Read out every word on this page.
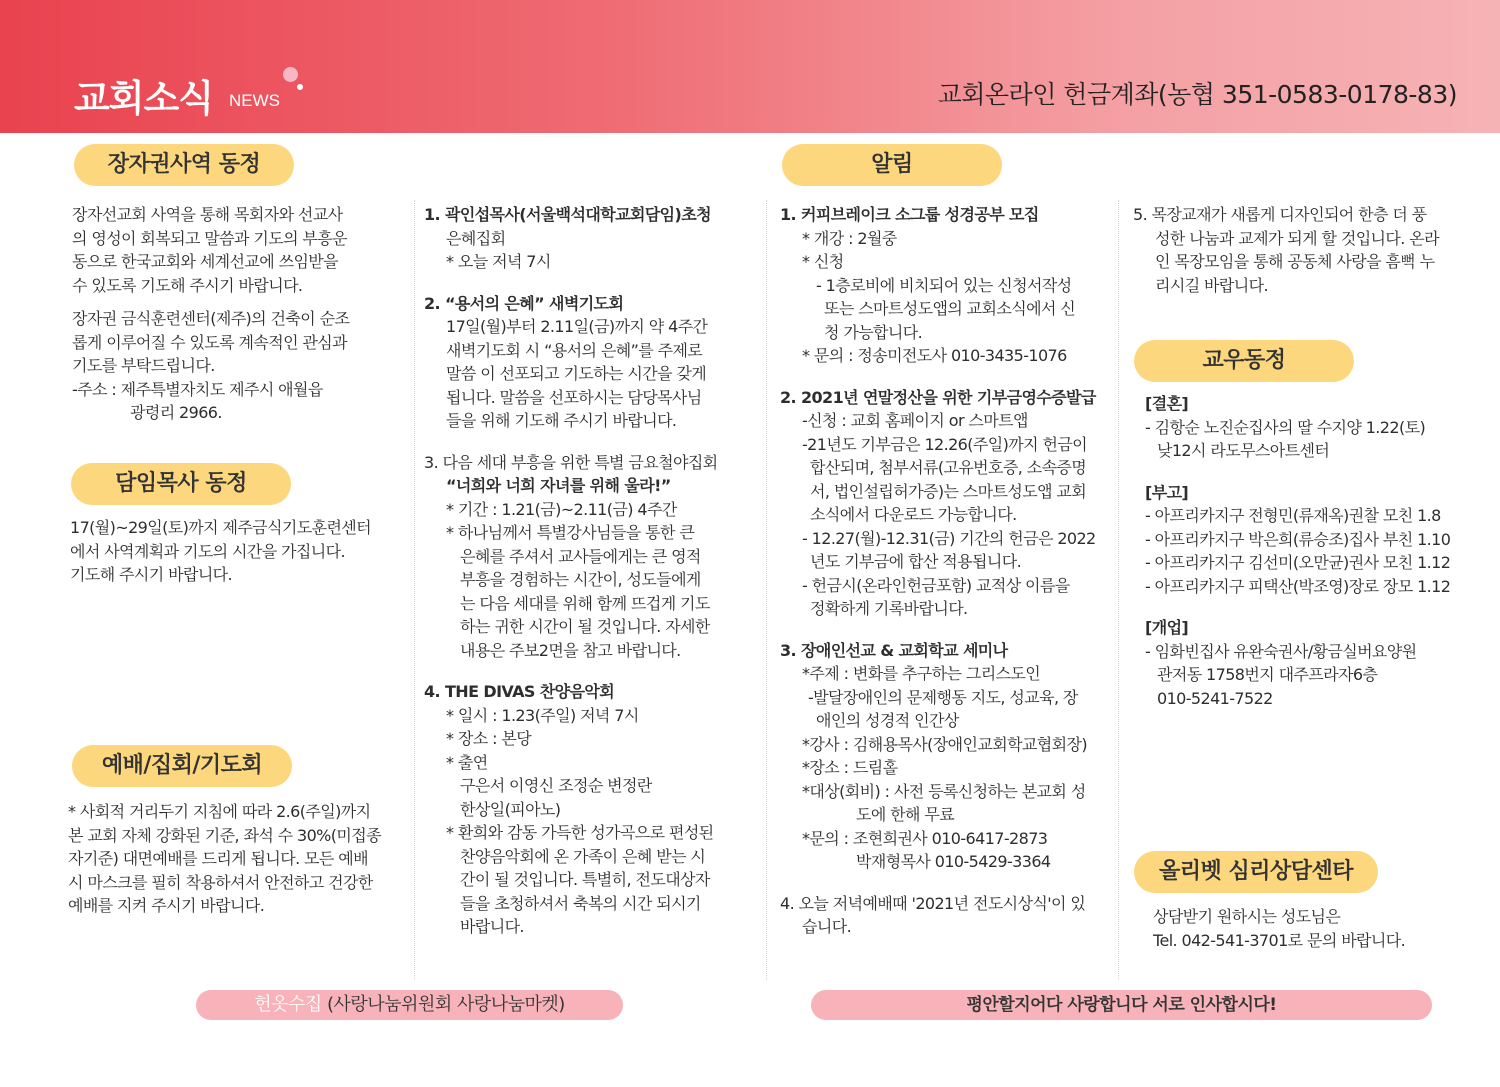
교회소식 NEWS	교회온라인 헌금계좌(농협 351-0583-0178-83)
장자권사역 동정

장자선교회 사역을 통해 목회자와 선교사

의 영성이 회복되고 말씀과 기도의 부흥운

동으로 한국교회와 세계선교에 쓰임받을

수 있도록 기도해 주시기 바랍니다.

장자권 금식훈련센터(제주)의 건축이 순조

롭게 이루어질 수 있도록 계속적인 관심과

기도를 부탁드립니다.

-주소 : 제주특별자치도 제주시 애월읍

광령리 2966.

담임목사 동정

17(월)~29일(토)까지 제주금식기도훈련센터

에서 사역계획과 기도의 시간을 가집니다.

기도해 주시기 바랍니다.

예배/집회/기도회

* 사회적 거리두기 지침에 따라 2.6(주일)까지

본 교회 자체 강화된 기준, 좌석 수 30%(미접종

자기준) 대면예배를 드리게 됩니다. 모든 예배

시 마스크를 필히 착용하셔서 안전하고 건강한

예배를 지켜 주시기 바랍니다.

1. 곽인섭목사(서울백석대학교회담임)초청

은혜집회

* 오늘 저녁 7시

2. “용서의 은혜” 새벽기도회

17일(월)부터 2.11일(금)까지 약 4주간

새벽기도회 시 “용서의 은혜”를 주제로

말씀 이 선포되고 기도하는 시간을 갖게

됩니다. 말씀을 선포하시는 담당목사님

들을 위해 기도해 주시기 바랍니다.

3. 다음 세대 부흥을 위한 특별 금요철야집회

“너희와 너희 자녀를 위해 울라!”

* 기간 : 1.21(금)~2.11(금) 4주간

* 하나님께서 특별강사님들을 통한 큰

은혜를 주셔서 교사들에게는 큰 영적

부흥을 경험하는 시간이, 성도들에게

는 다음 세대를 위해 함께 뜨겁게 기도

하는 귀한 시간이 될 것입니다. 자세한

내용은 주보2면을 참고 바랍니다.

4. THE DIVAS 찬양음악회

* 일시 : 1.23(주일) 저녁 7시

* 장소 : 본당

* 출연

구은서 이영신 조정순 변정란

한상일(피아노)

* 환희와 감동 가득한 성가곡으로 편성된

찬양음악회에 온 가족이 은혜 받는 시

간이 될 것입니다. 특별히, 전도대상자

들을 초청하셔서 축복의 시간 되시기

바랍니다.

알림

1. 커피브레이크 소그룹 성경공부 모집

* 개강 : 2월중

* 신청

- 1층로비에 비치되어 있는 신청서작성

또는 스마트성도앱의 교회소식에서 신

청 가능합니다.

* 문의 : 정송미전도사 010-3435-1076

2. 2021년 연말정산을 위한 기부금영수증발급

-신청 : 교회 홈페이지 or 스마트앱

-21년도 기부금은 12.26(주일)까지 헌금이

합산되며, 첨부서류(고유번호증, 소속증명

서, 법인설립허가증)는 스마트성도앱 교회

소식에서 다운로드 가능합니다.

- 12.27(월)-12.31(금) 기간의 헌금은 2022

년도 기부금에 합산 적용됩니다.

- 헌금시(온라인헌금포함) 교적상 이름을

정확하게 기록바랍니다.

3. 장애인선교 & 교회학교 세미나

*주제 : 변화를 추구하는 그리스도인

-발달장애인의 문제행동 지도, 성교육, 장

애인의 성경적 인간상

*강사 : 김해용목사(장애인교회학교협회장)

*장소 : 드림홀

*대상(회비) : 사전 등록신청하는 본교회 성

도에 한해 무료

*문의 : 조현희권사 010-6417-2873

박재형목사 010-5429-3364

4. 오늘 저녁예배때 '2021년 전도시상식'이 있

습니다.

5. 목장교재가 새롭게 디자인되어 한층 더 풍

성한 나눔과 교제가 되게 할 것입니다. 온라

인 목장모임을 통해 공동체 사랑을 흠뻑 누

리시길 바랍니다.

교우동정

[결혼]

- 김항순 노진순집사의 딸 수지양 1.22(토)

낮12시 라도무스아트센터

[부고]

- 아프리카지구 전형민(류재옥)권찰 모친 1.8

- 아프리카지구 박은희(류승조)집사 부친 1.10

- 아프리카지구 김선미(오만균)권사 모친 1.12

- 아프리카지구 피택산(박조영)장로 장모 1.12

[개업]

- 임화빈집사 유완숙권사/황금실버요양원

관저동 1758번지 대주프라자6층

010-5241-7522

올리벳 심리상담센타

상담받기 원하시는 성도님은

Tel. 042-541-3701로 문의 바랍니다.

헌옷수집 (사랑나눔위원회 사랑나눔마켓)	평안할지어다 사랑합니다 서로 인사합시다!
